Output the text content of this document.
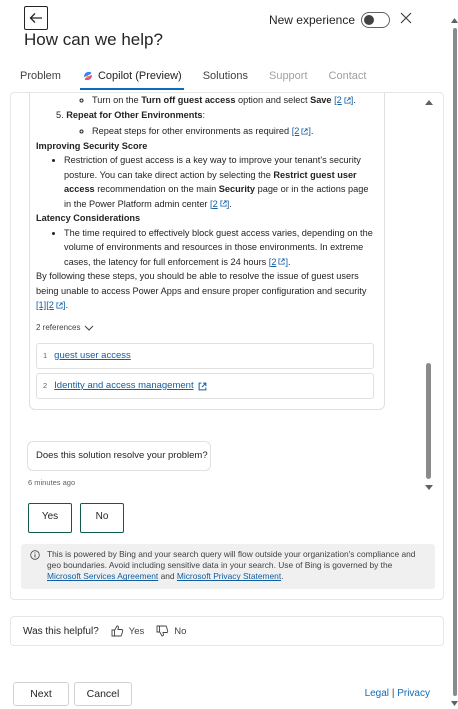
New experience
How can we help?
Problem	Copilot (Preview) Solutions Support Contact
◦ Turn on the Turn off guest access option and select Save [2 ].
5. Repeat for Other Environments:
◦ Repeat steps for other environments as required [2 ].
Improving Security Score
• Restriction of guest access is a key way to improve your tenant's security posture. You can take direct action by selecting the Restrict guest user access recommendation on the main Security page or in the actions page in the Power Platform admin center [2 ].
Latency Considerations
• The time required to effectively block guest access varies, depending on the volume of environments and resources in those environments. In extreme cases, the latency for full enforcement is 24 hours [2 ].
By following these steps, you should be able to resolve the issue of guest users being unable to access Power Apps and ensure proper configuration and security [1][2 ].
2 references
1 guest user access
2 Identity and access management
Does this solution resolve your problem?
6 minutes ago
Yes	No
This is powered by Bing and your search query will flow outside your organization's compliance and geo boundaries. Avoid including sensitive data in your search. Use of Bing is governed by the Microsoft Services Agreement and Microsoft Privacy Statement.
Was this helpful?	Yes	No
Next	Cancel	Legal | Privacy
